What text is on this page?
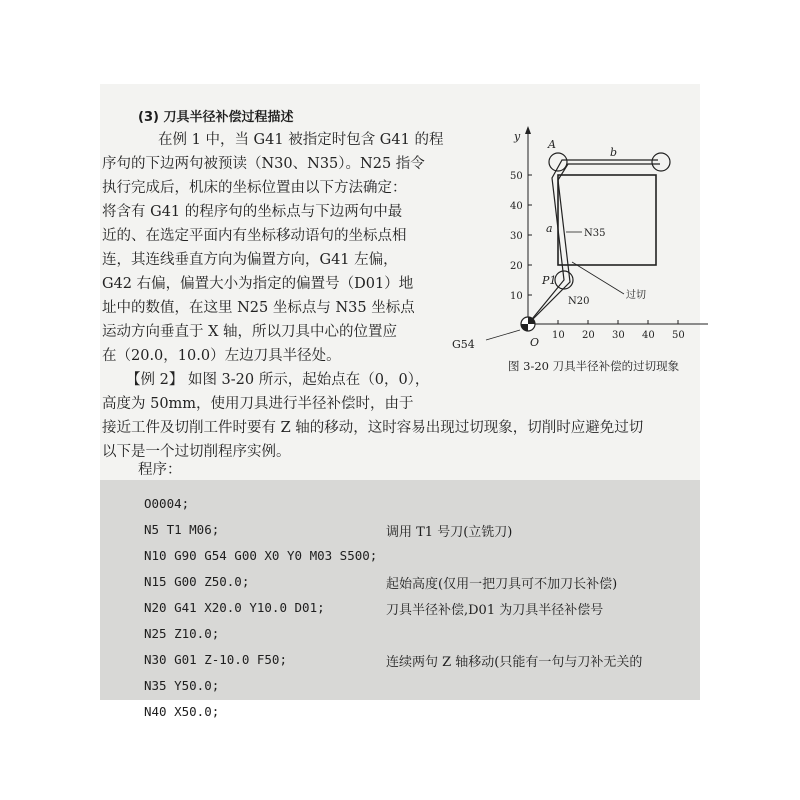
(3) 刀具半径补偿过程描述
在例 1 中，当 G41 被指定时包含 G41 的程
序句的下边两句被预读（N30、N35）。N25 指令
执行完成后，机床的坐标位置由以下方法确定：
将含有 G41 的程序句的坐标点与下边两句中最
近的、在选定平面内有坐标移动语句的坐标点相
连，其连线垂直方向为偏置方向，G41 左偏，
G42 右偏，偏置大小为指定的偏置号（D01）地
址中的数值，在这里 N25 坐标点与 N35 坐标点
运动方向垂直于 X 轴，所以刀具中心的位置应
在（20.0，10.0）左边刀具半径处。
【例 2】 如图 3-20 所示，起始点在（0，0），
高度为 50mm，使用刀具进行半径补偿时，由于
接近工件及切削工件时要有 Z 轴的移动，这时容易出现过切现象，切削时应避免过切
以下是一个过切削程序实例。
y
10
20
30
40
50
10 20 30 40 50
A
b
a
P1
N35
N20
过切
O
G54
图 3-20 刀具半径补偿的过切现象
程序：
O0004;
N5 T1 M06;	调用 T1 号刀(立铣刀)
N10 G90 G54 G00 X0 Y0 M03 S500;
N15 G00 Z50.0;	起始高度(仅用一把刀具可不加刀长补偿)
N20 G41 X20.0 Y10.0 D01;	刀具半径补偿,D01 为刀具半径补偿号
N25 Z10.0;
N30 G01 Z-10.0 F50;	连续两句 Z 轴移动(只能有一句与刀补无关的
N35 Y50.0;
N40 X50.0;
